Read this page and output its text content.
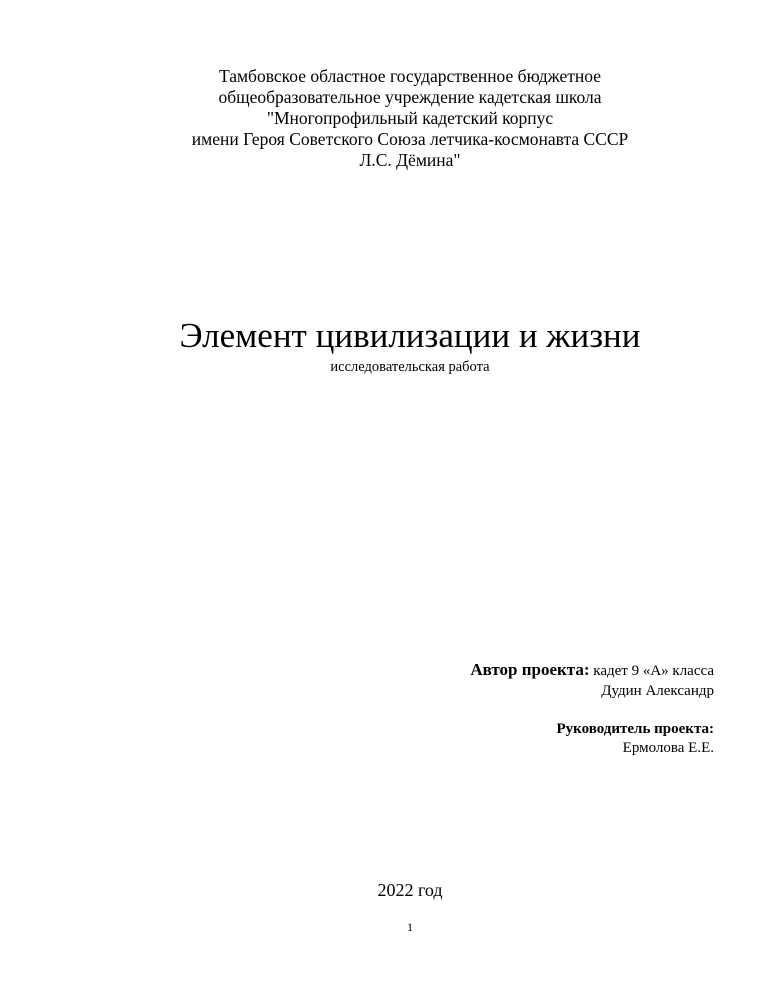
Тамбовское областное государственное бюджетное
общеобразовательное учреждение кадетская школа
"Многопрофильный кадетский корпус
имени Героя Советского Союза летчика-космонавта СССР
Л.С. Дёмина"
Элемент цивилизации и жизни
исследовательская работа
Автор проекта: кадет 9 «А» класса
Дудин Александр
Руководитель проекта:
Ермолова Е.Е.
2022 год
1
